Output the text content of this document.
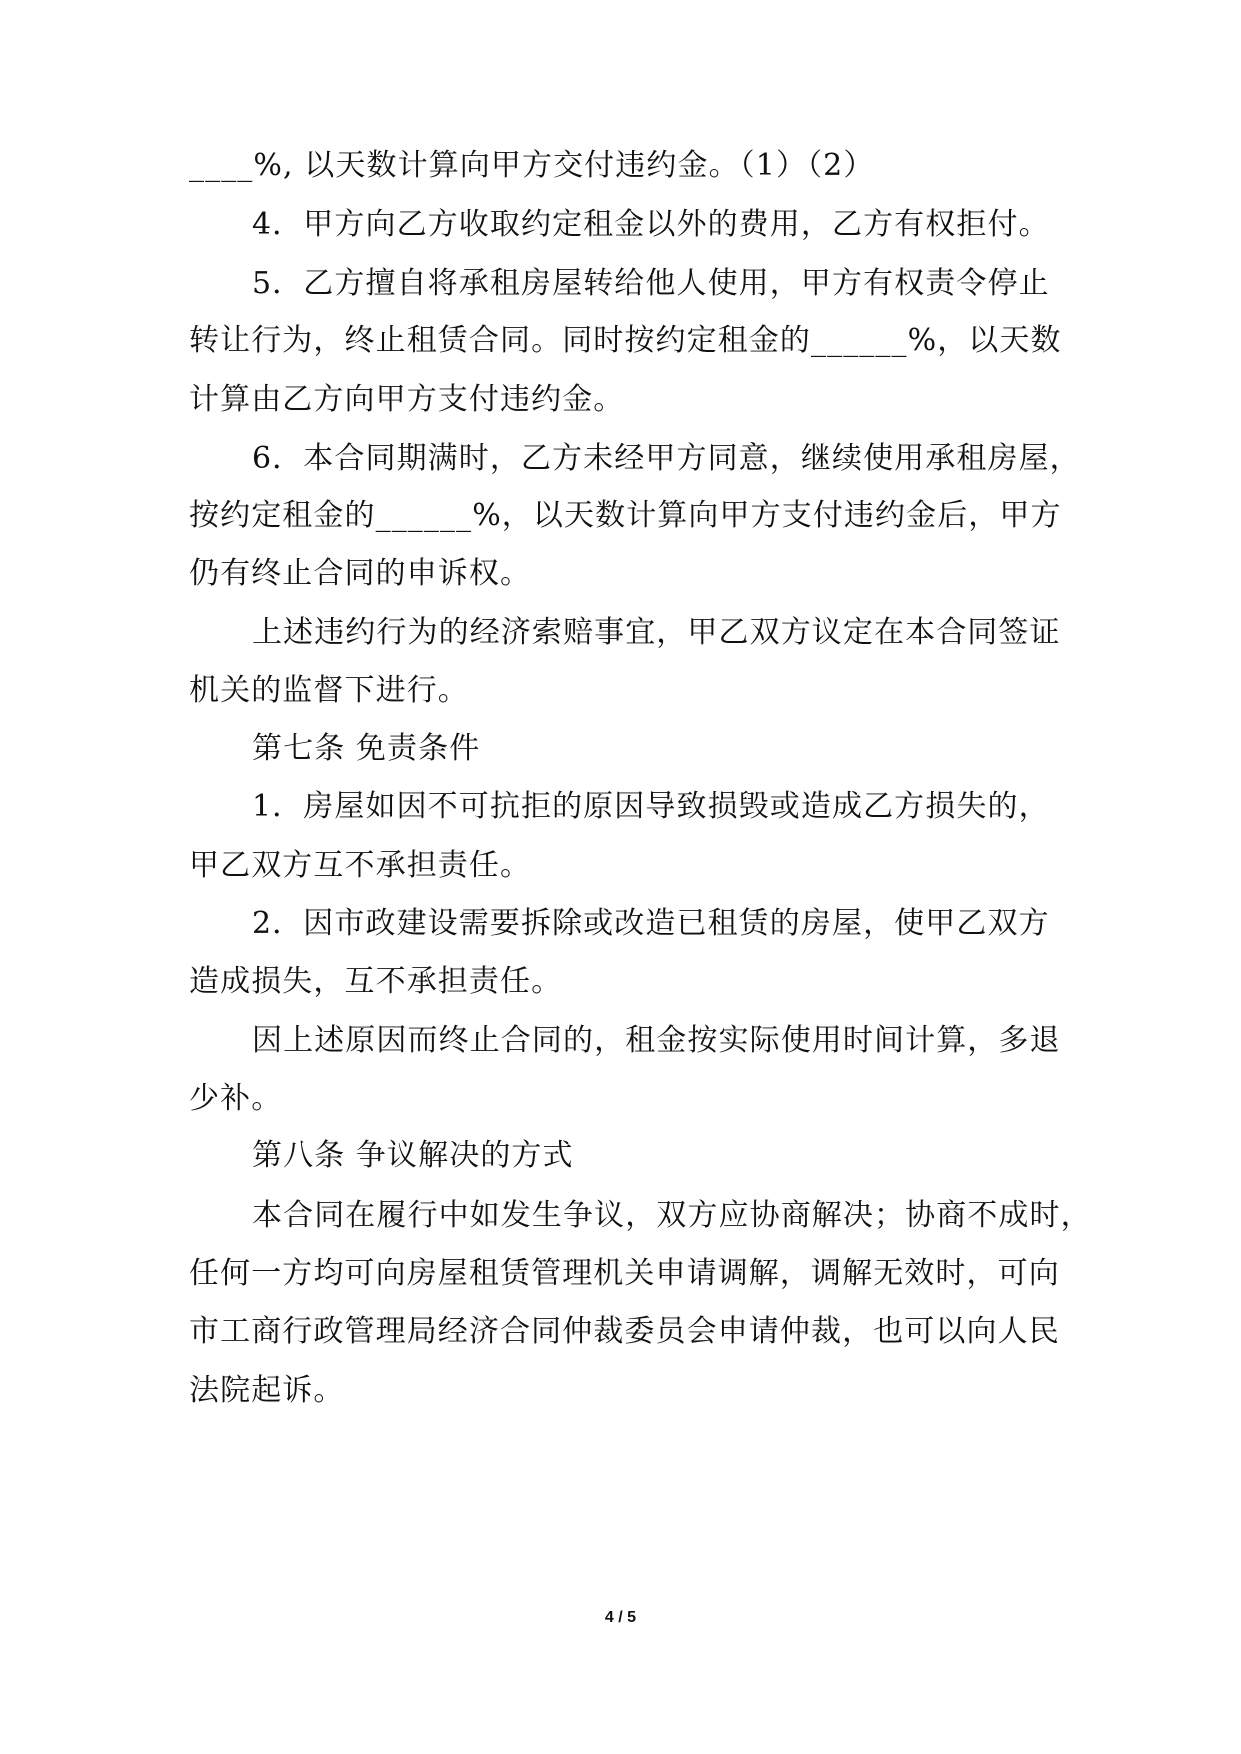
____%, 以天数计算向甲方交付违约金。（1）（2）
4．甲方向乙方收取约定租金以外的费用，乙方有权拒付。
5．乙方擅自将承租房屋转给他人使用，甲方有权责令停止
转让行为，终止租赁合同。同时按约定租金的______%，以天数
计算由乙方向甲方支付违约金。
6．本合同期满时，乙方未经甲方同意，继续使用承租房屋，
按约定租金的______%，以天数计算向甲方支付违约金后，甲方
仍有终止合同的申诉权。
上述违约行为的经济索赔事宜，甲乙双方议定在本合同签证
机关的监督下进行。
第七条 免责条件
1．房屋如因不可抗拒的原因导致损毁或造成乙方损失的，
甲乙双方互不承担责任。
2．因市政建设需要拆除或改造已租赁的房屋，使甲乙双方
造成损失，互不承担责任。
因上述原因而终止合同的，租金按实际使用时间计算，多退
少补。
第八条 争议解决的方式
本合同在履行中如发生争议，双方应协商解决；协商不成时，
任何一方均可向房屋租赁管理机关申请调解，调解无效时，可向
市工商行政管理局经济合同仲裁委员会申请仲裁，也可以向人民
法院起诉。
4 / 5
